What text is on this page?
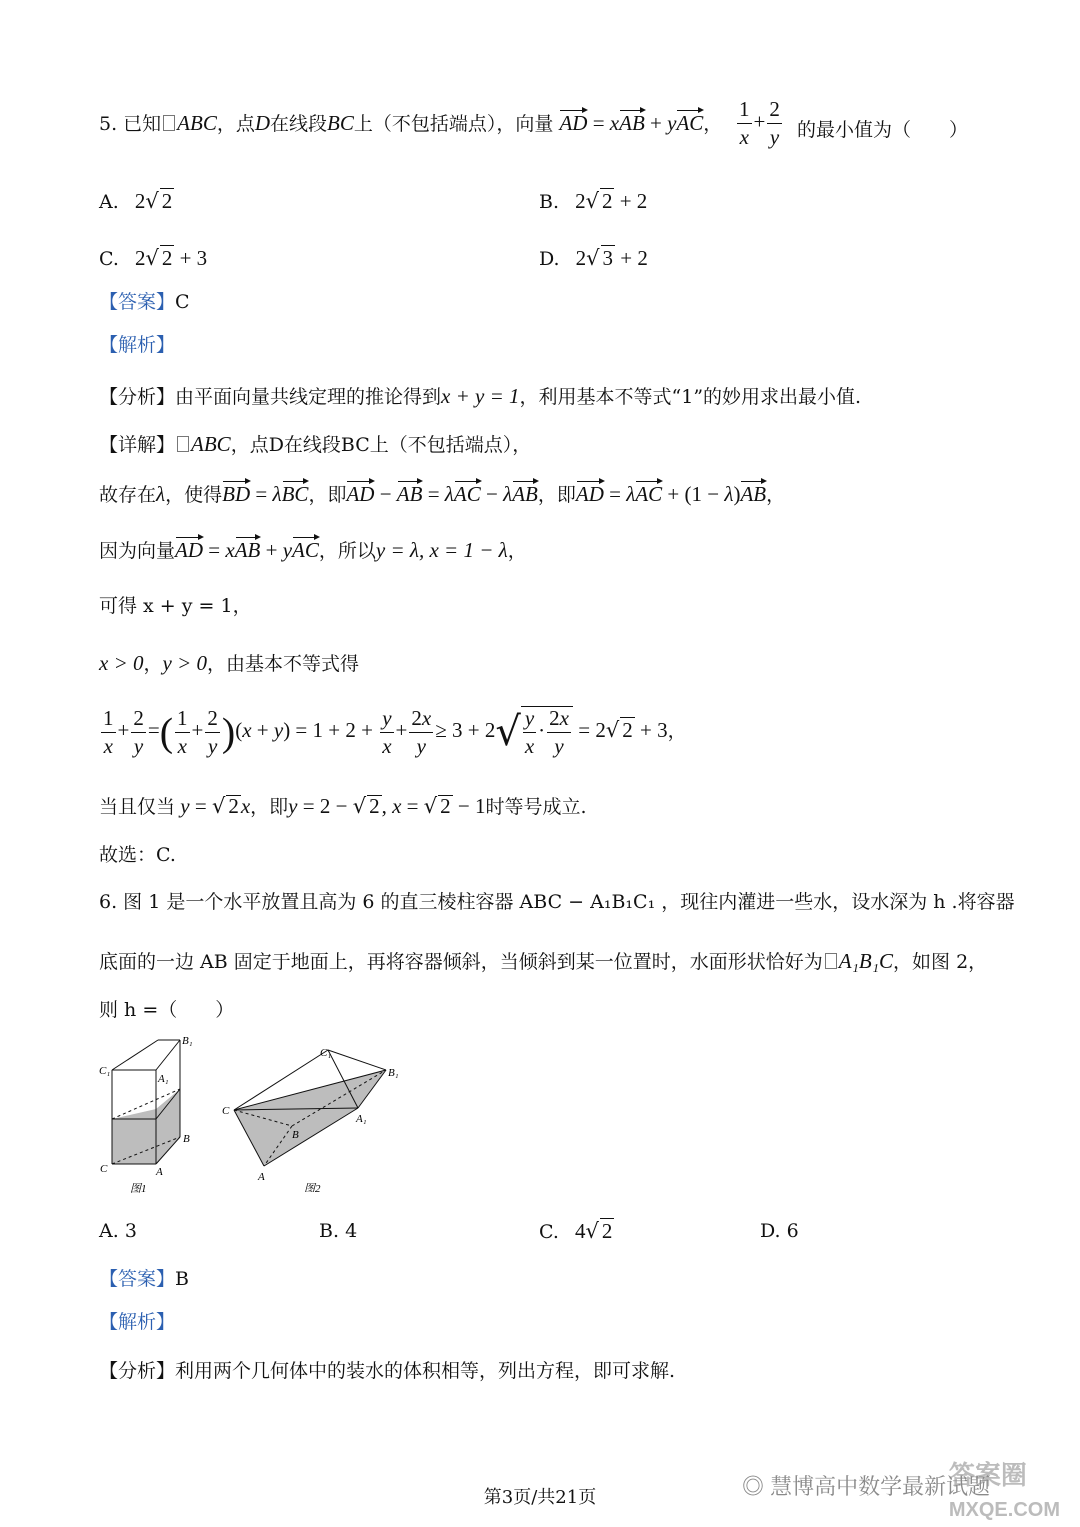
5. 已知 ABC，点D在线段BC上（不包括端点），向量 AD = xAB + yAC， $\frac{1}{x} + \frac{2}{y}$ 的最小值为（　　）
A. 2√ 2	B. 2√ 2 + 2
C. 2√ 2 + 3	D. 2√ 3 + 2
【答案】C
【解析】
【分析】由平面向量共线定理的推论得到x + y = 1，利用基本不等式“1”的妙用求出最小值.
【详解】 ABC，点D在线段BC上（不包括端点），
故存在λ，使得BD = λBC，即AD − AB = λAC − λAB，即AD = λAC + (1 − λ)AB，
因为向量AD = xAB + yAC，所以y = λ, x = 1 − λ，
可得 x + y = 1，
x > 0，y > 0，由基本不等式得
$\frac{1}{x} + \frac{2}{y}$ =( $\frac{1}{x} + \frac{2}{y} )(x + y) = 1 + 2 + \frac{y}{x} + \frac{2x}{y} \ge 3 + 2√ \frac{y}{x} \cdot \frac{2x}{y} = 2√$ 2 + 3，
当且仅当 y = √ 2x，即y = 2 − √ 2, x = √ 2 − 1时等号成立.
故选：C.
6. 图 1 是一个水平放置且高为 6 的直三棱柱容器 ABC − A₁B₁C₁ ，现往内灌进一些水，设水深为 h .将容器
底面的一边 AB 固定于地面上，再将容器倾斜，当倾斜到某一位置时，水面形状恰好为 A₁B₁C，如图 2，
则 h =（　　）
C₁
B₁
A₁
B
C	A
图1
C₁
B₁
C
A₁
B
A
图2
A. 3	B. 4	C. 4√ 2	D. 6
【答案】B
【解析】
【分析】利用两个几何体中的装水的体积相等，列出方程，即可求解.
答案圈
MXQE.COM
◎ 慧博高中数学最新试题
第3页/共21页
